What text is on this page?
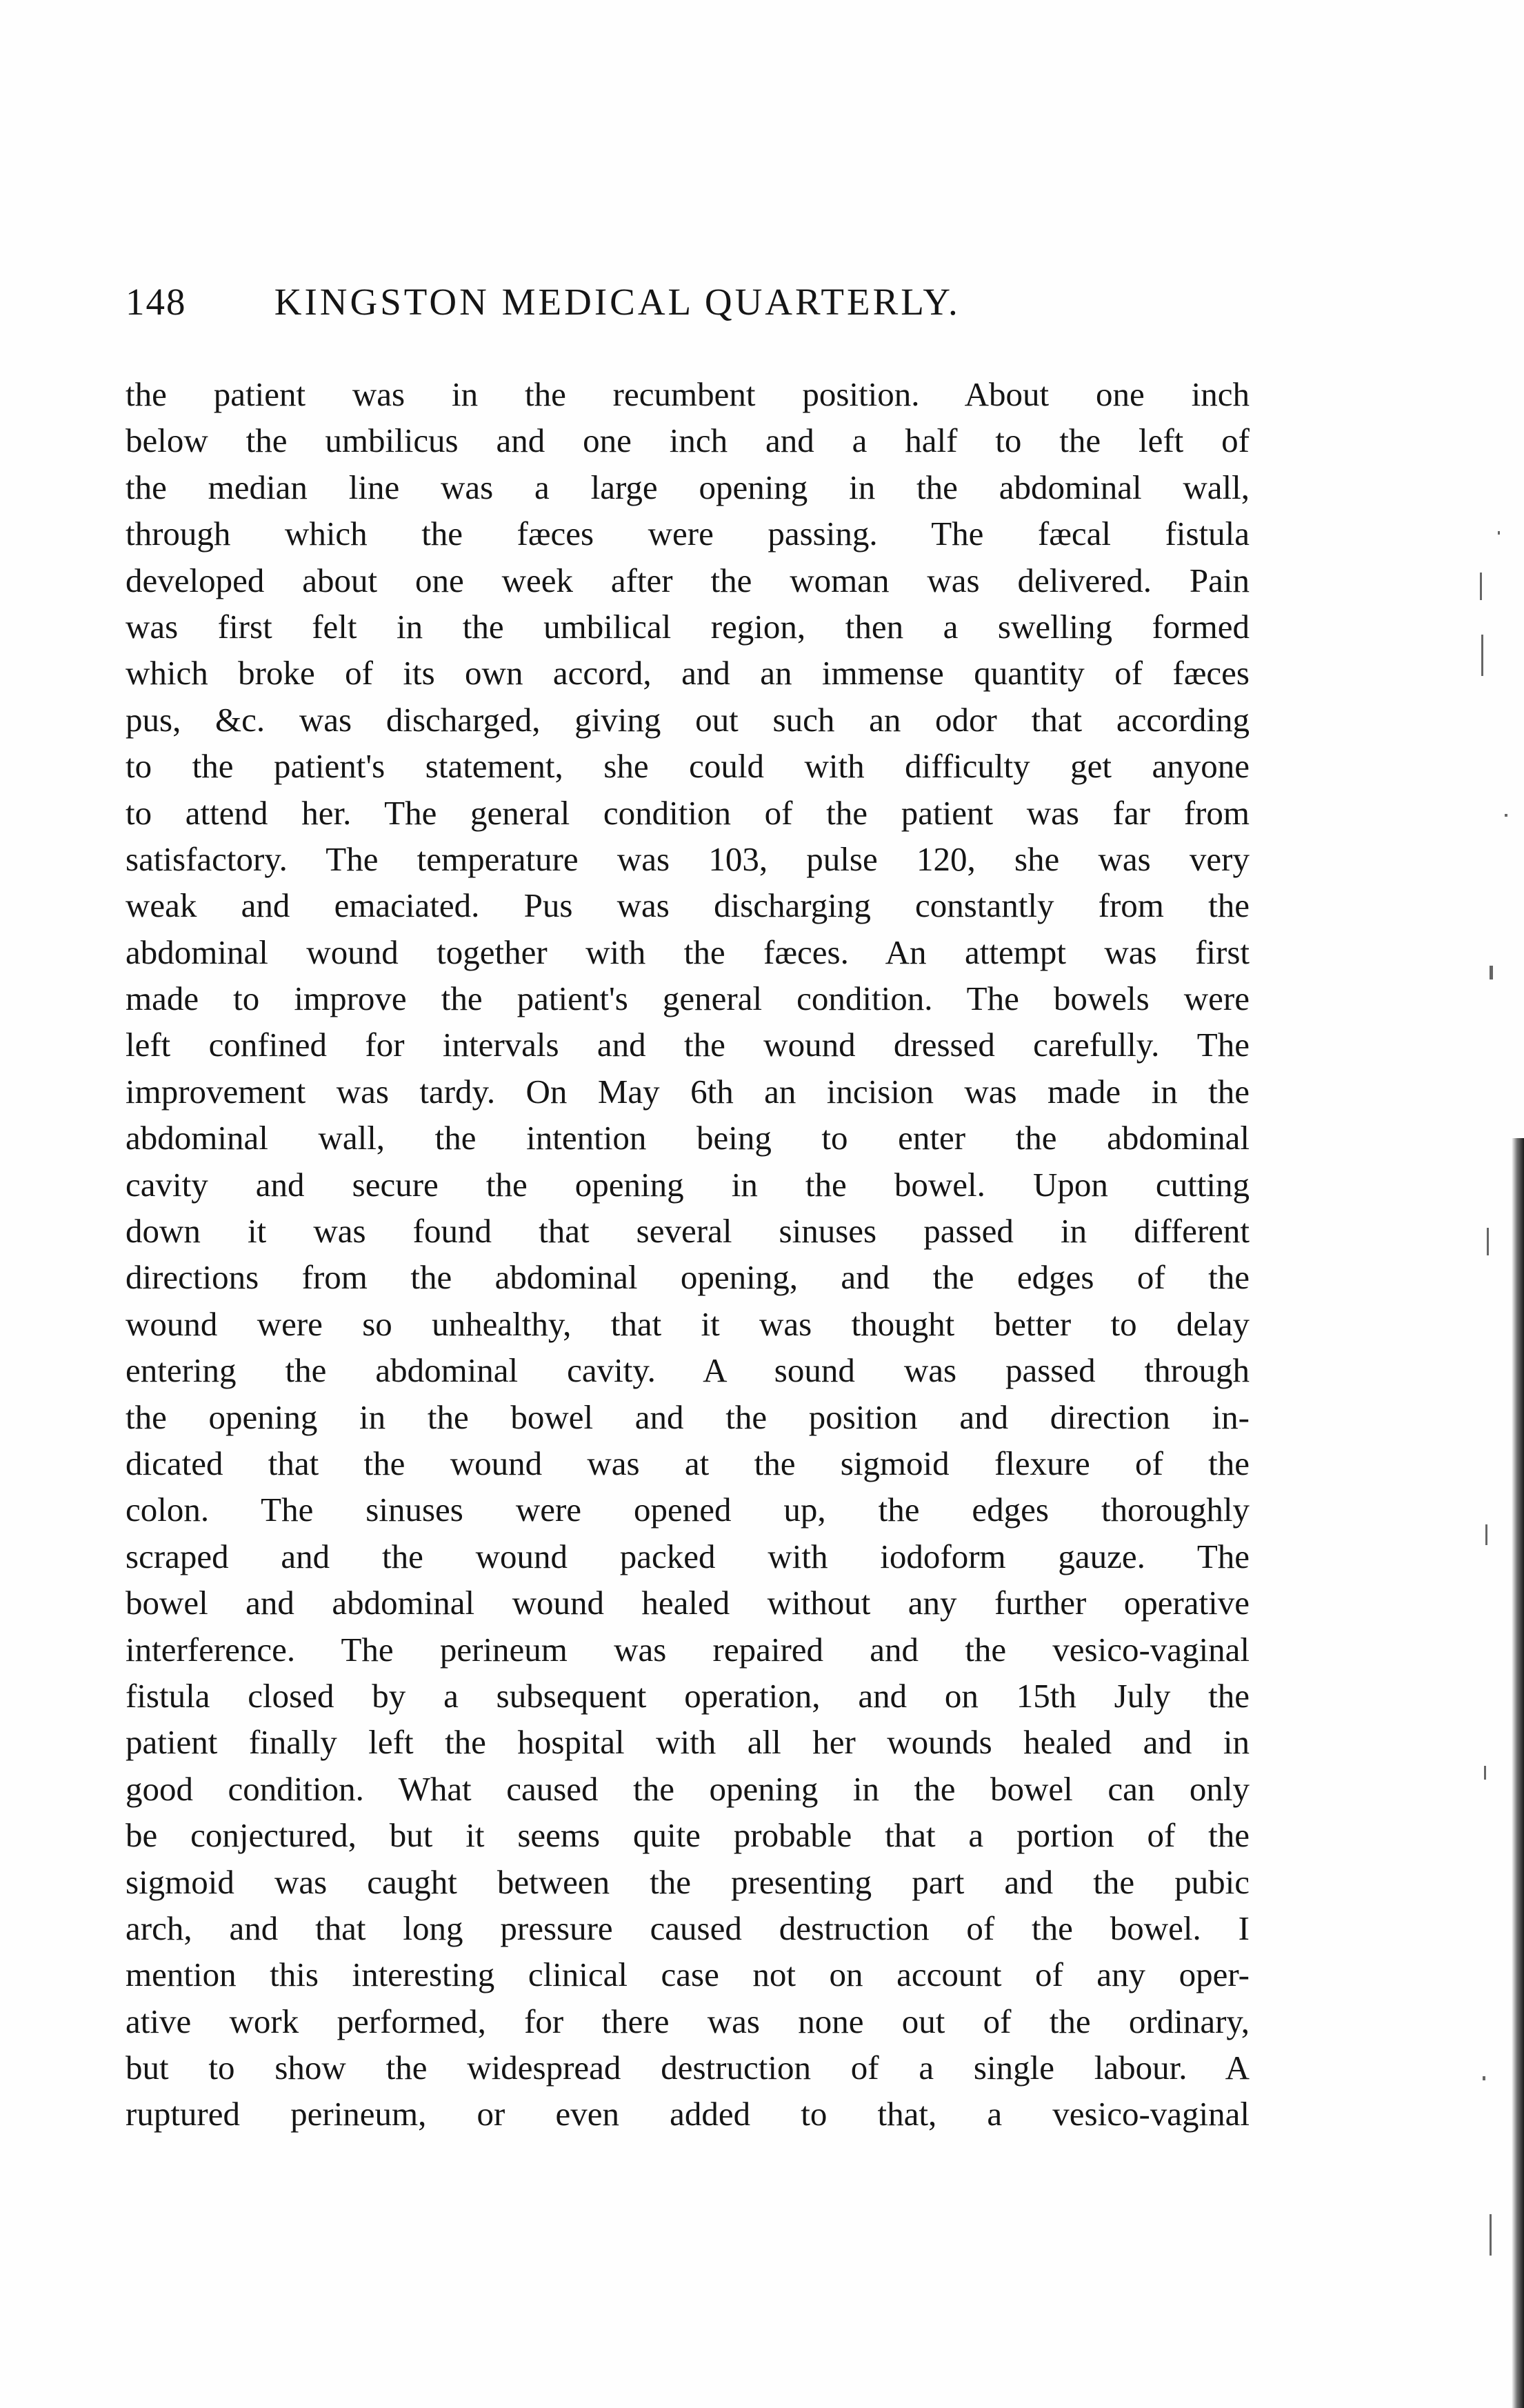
148 KINGSTON MEDICAL QUARTERLY.
the patient was in the recumbent position. About one inch
below the umbilicus and one inch and a half to the left of
the median line was a large opening in the abdominal wall,
through which the fæces were passing. The fæcal fistula
developed about one week after the woman was delivered. Pain
was first felt in the umbilical region, then a swelling formed
which broke of its own accord, and an immense quantity of fæces
pus, &c. was discharged, giving out such an odor that according
to the patient's statement, she could with difficulty get anyone
to attend her. The general condition of the patient was far from
satisfactory. The temperature was 103, pulse 120, she was very
weak and emaciated. Pus was discharging constantly from the
abdominal wound together with the fæces. An attempt was first
made to improve the patient's general condition. The bowels were
left confined for intervals and the wound dressed carefully. The
improvement was tardy. On May 6th an incision was made in the
abdominal wall, the intention being to enter the abdominal
cavity and secure the opening in the bowel. Upon cutting
down it was found that several sinuses passed in different
directions from the abdominal opening, and the edges of the
wound were so unhealthy, that it was thought better to delay
entering the abdominal cavity. A sound was passed through
the opening in the bowel and the position and direction in-
dicated that the wound was at the sigmoid flexure of the
colon. The sinuses were opened up, the edges thoroughly
scraped and the wound packed with iodoform gauze. The
bowel and abdominal wound healed without any further operative
interference. The perineum was repaired and the vesico-vaginal
fistula closed by a subsequent operation, and on 15th July the
patient finally left the hospital with all her wounds healed and in
good condition. What caused the opening in the bowel can only
be conjectured, but it seems quite probable that a portion of the
sigmoid was caught between the presenting part and the pubic
arch, and that long pressure caused destruction of the bowel. I
mention this interesting clinical case not on account of any oper-
ative work performed, for there was none out of the ordinary,
but to show the widespread destruction of a single labour. A
ruptured perineum, or even added to that, a vesico-vaginal
